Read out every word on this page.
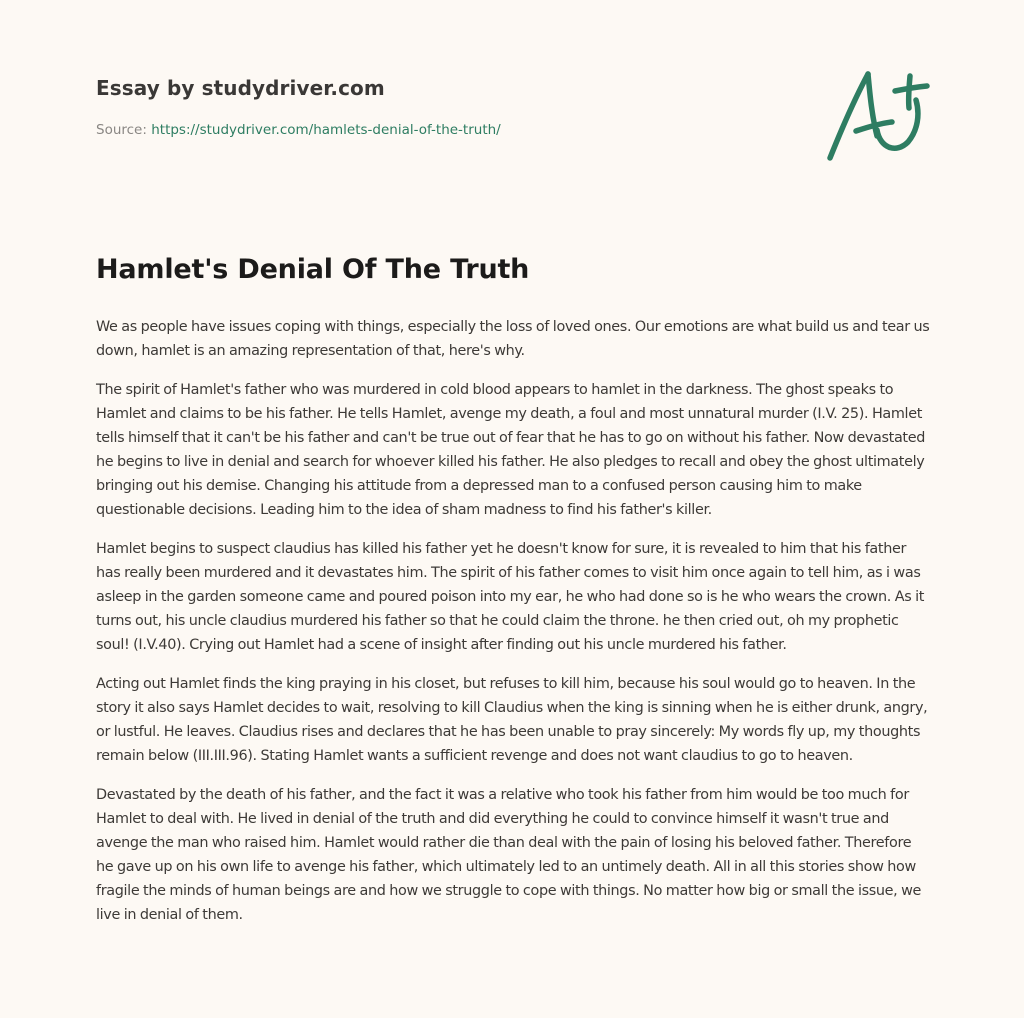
Essay by studydriver.com
Source: https://studydriver.com/hamlets-denial-of-the-truth/
Hamlet's Denial Of The Truth

We as people have issues coping with things, especially the loss of loved ones. Our emotions are what build us and tear us down, hamlet is an amazing representation of that, here's why.

The spirit of Hamlet's father who was murdered in cold blood appears to hamlet in the darkness. The ghost speaks to Hamlet and claims to be his father. He tells Hamlet, avenge my death, a foul and most unnatural murder (I.V. 25). Hamlet tells himself that it can't be his father and can't be true out of fear that he has to go on without his father. Now devastated he begins to live in denial and search for whoever killed his father. He also pledges to recall and obey the ghost ultimately bringing out his demise. Changing his attitude from a depressed man to a confused person causing him to make questionable decisions. Leading him to the idea of sham madness to find his father's killer.

Hamlet begins to suspect claudius has killed his father yet he doesn't know for sure, it is revealed to him that his father has really been murdered and it devastates him. The spirit of his father comes to visit him once again to tell him, as i was asleep in the garden someone came and poured poison into my ear, he who had done so is he who wears the crown. As it turns out, his uncle claudius murdered his father so that he could claim the throne. he then cried out, oh my prophetic soul! (I.V.40). Crying out Hamlet had a scene of insight after finding out his uncle murdered his father.

Acting out Hamlet finds the king praying in his closet, but refuses to kill him, because his soul would go to heaven. In the story it also says Hamlet decides to wait, resolving to kill Claudius when the king is sinning when he is either drunk, angry, or lustful. He leaves. Claudius rises and declares that he has been unable to pray sincerely: My words fly up, my thoughts remain below (III.III.96). Stating Hamlet wants a sufficient revenge and does not want claudius to go to heaven.

Devastated by the death of his father, and the fact it was a relative who took his father from him would be too much for Hamlet to deal with. He lived in denial of the truth and did everything he could to convince himself it wasn't true and avenge the man who raised him. Hamlet would rather die than deal with the pain of losing his beloved father. Therefore he gave up on his own life to avenge his father, which ultimately led to an untimely death. All in all this stories show how fragile the minds of human beings are and how we struggle to cope with things. No matter how big or small the issue, we live in denial of them.
